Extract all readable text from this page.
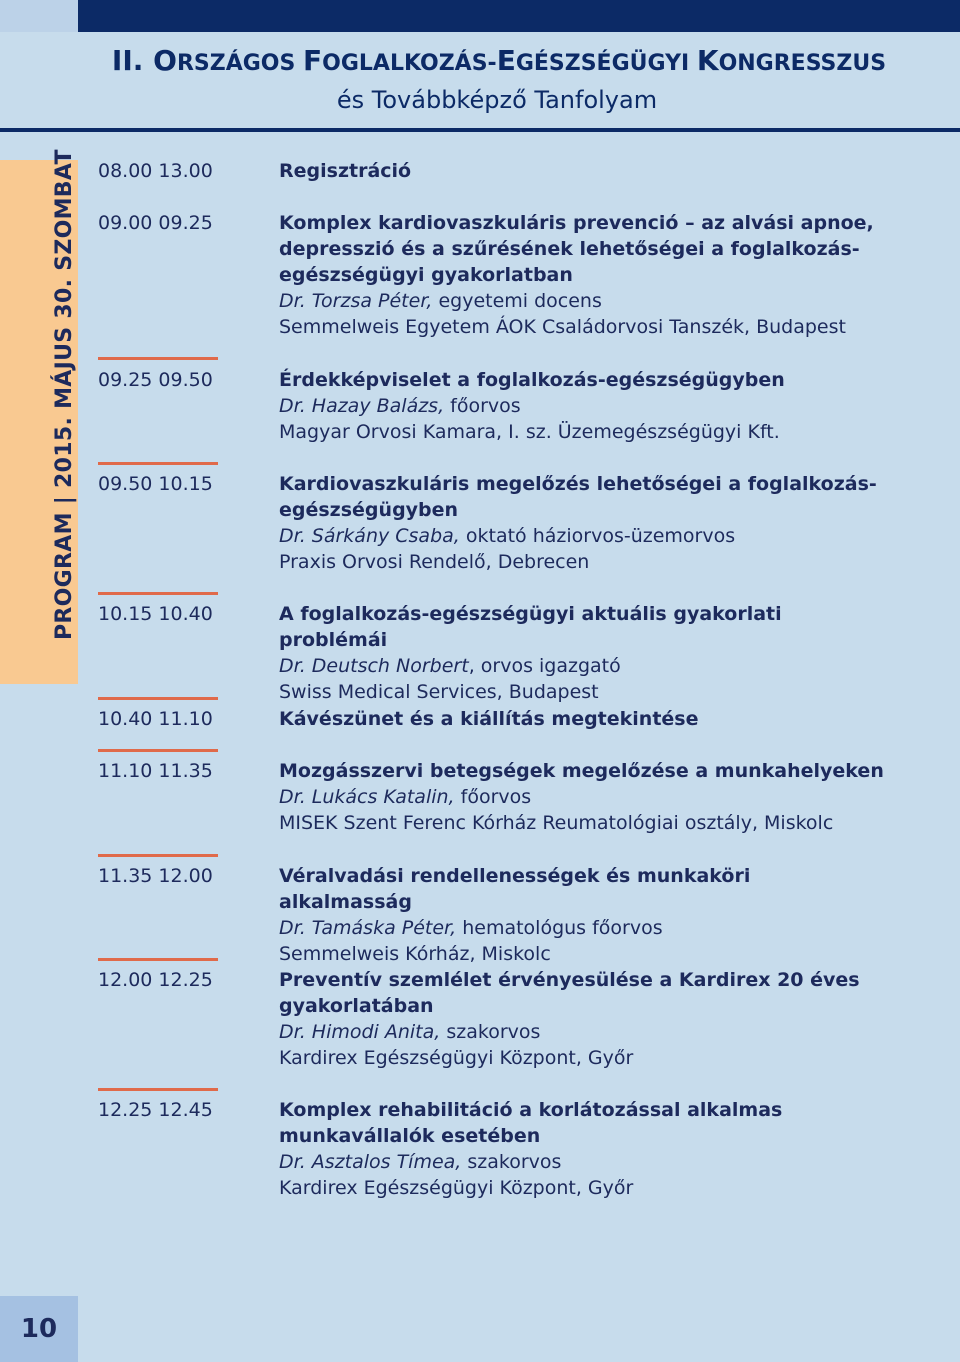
II. ORSZÁGOS FOGLALKOZÁS-EGÉSZSÉGÜGYI KONGRESSZUS
és Továbbképző Tanfolyam
PROGRAM | 2015. MÁJUS 30. SZOMBAT
10
08.00 13.00	Regisztráció
09.00 09.25	Komplex kardiovaszkuláris prevenció – az alvási apnoe,
depresszió és a szűrésének lehetőségei a foglalkozás-
egészségügyi gyakorlatban
Dr. Torzsa Péter, egyetemi docens
Semmelweis Egyetem ÁOK Családorvosi Tanszék, Budapest
09.25 09.50	Érdekképviselet a foglalkozás-egészségügyben
Dr. Hazay Balázs, főorvos
Magyar Orvosi Kamara, I. sz. Üzemegészségügyi Kft.
09.50 10.15	Kardiovaszkuláris megelőzés lehetőségei a foglalkozás-
egészségügyben
Dr. Sárkány Csaba, oktató háziorvos-üzemorvos
Praxis Orvosi Rendelő, Debrecen
10.15 10.40	A foglalkozás-egészségügyi aktuális gyakorlati problémái
Dr. Deutsch Norbert, orvos igazgató
Swiss Medical Services, Budapest
10.40 11.10	Kávészünet és a kiállítás megtekintése
11.10 11.35	Mozgásszervi betegségek megelőzése a munkahelyeken
Dr. Lukács Katalin, főorvos
MISEK Szent Ferenc Kórház Reumatológiai osztály, Miskolc
11.35 12.00	Véralvadási rendellenességek és munkaköri alkalmasság
Dr. Tamáska Péter, hematológus főorvos
Semmelweis Kórház, Miskolc
12.00 12.25	Preventív szemlélet érvényesülése a Kardirex 20 éves
gyakorlatában
Dr. Himodi Anita, szakorvos
Kardirex Egészségügyi Központ, Győr
12.25 12.45	Komplex rehabilitáció a korlátozással alkalmas
munkavállalók esetében
Dr. Asztalos Tímea, szakorvos
Kardirex Egészségügyi Központ, Győr
